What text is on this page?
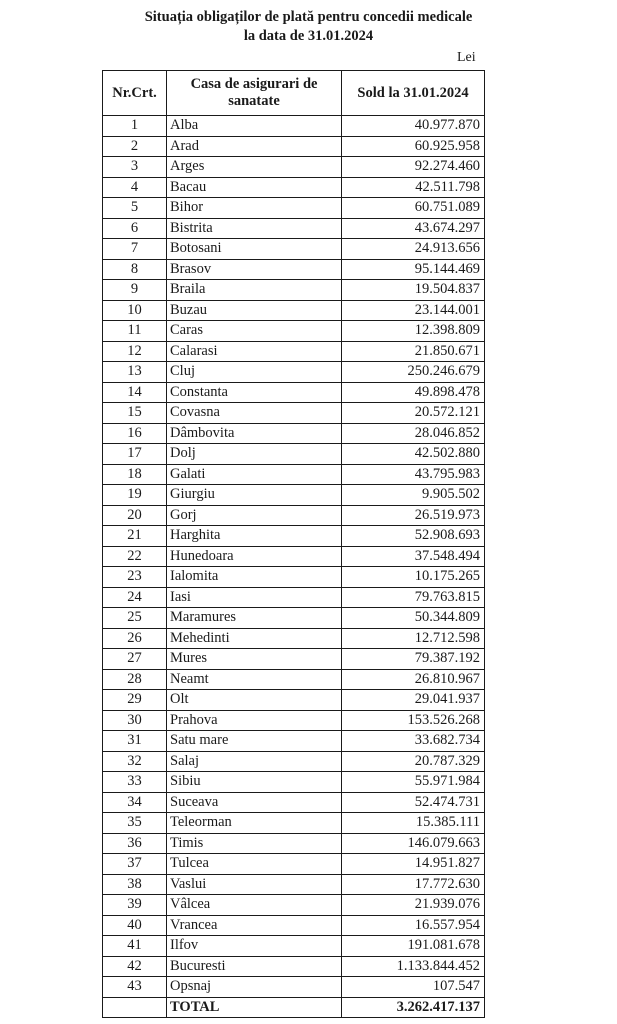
Situația obligaților de plată pentru concedii medicale
la data de 31.01.2024
Lei
Nr.Crt.	Casa de asigurari de sanatate	Sold la 31.01.2024
1	Alba	40.977.870
2	Arad	60.925.958
3	Arges	92.274.460
4	Bacau	42.511.798
5	Bihor	60.751.089
6	Bistrita	43.674.297
7	Botosani	24.913.656
8	Brasov	95.144.469
9	Braila	19.504.837
10	Buzau	23.144.001
11	Caras	12.398.809
12	Calarasi	21.850.671
13	Cluj	250.246.679
14	Constanta	49.898.478
15	Covasna	20.572.121
16	Dâmbovita	28.046.852
17	Dolj	42.502.880
18	Galati	43.795.983
19	Giurgiu	9.905.502
20	Gorj	26.519.973
21	Harghita	52.908.693
22	Hunedoara	37.548.494
23	Ialomita	10.175.265
24	Iasi	79.763.815
25	Maramures	50.344.809
26	Mehedinti	12.712.598
27	Mures	79.387.192
28	Neamt	26.810.967
29	Olt	29.041.937
30	Prahova	153.526.268
31	Satu mare	33.682.734
32	Salaj	20.787.329
33	Sibiu	55.971.984
34	Suceava	52.474.731
35	Teleorman	15.385.111
36	Timis	146.079.663
37	Tulcea	14.951.827
38	Vaslui	17.772.630
39	Vâlcea	21.939.076
40	Vrancea	16.557.954
41	Ilfov	191.081.678
42	Bucuresti	1.133.844.452
43	Opsnaj	107.547
	TOTAL	3.262.417.137
